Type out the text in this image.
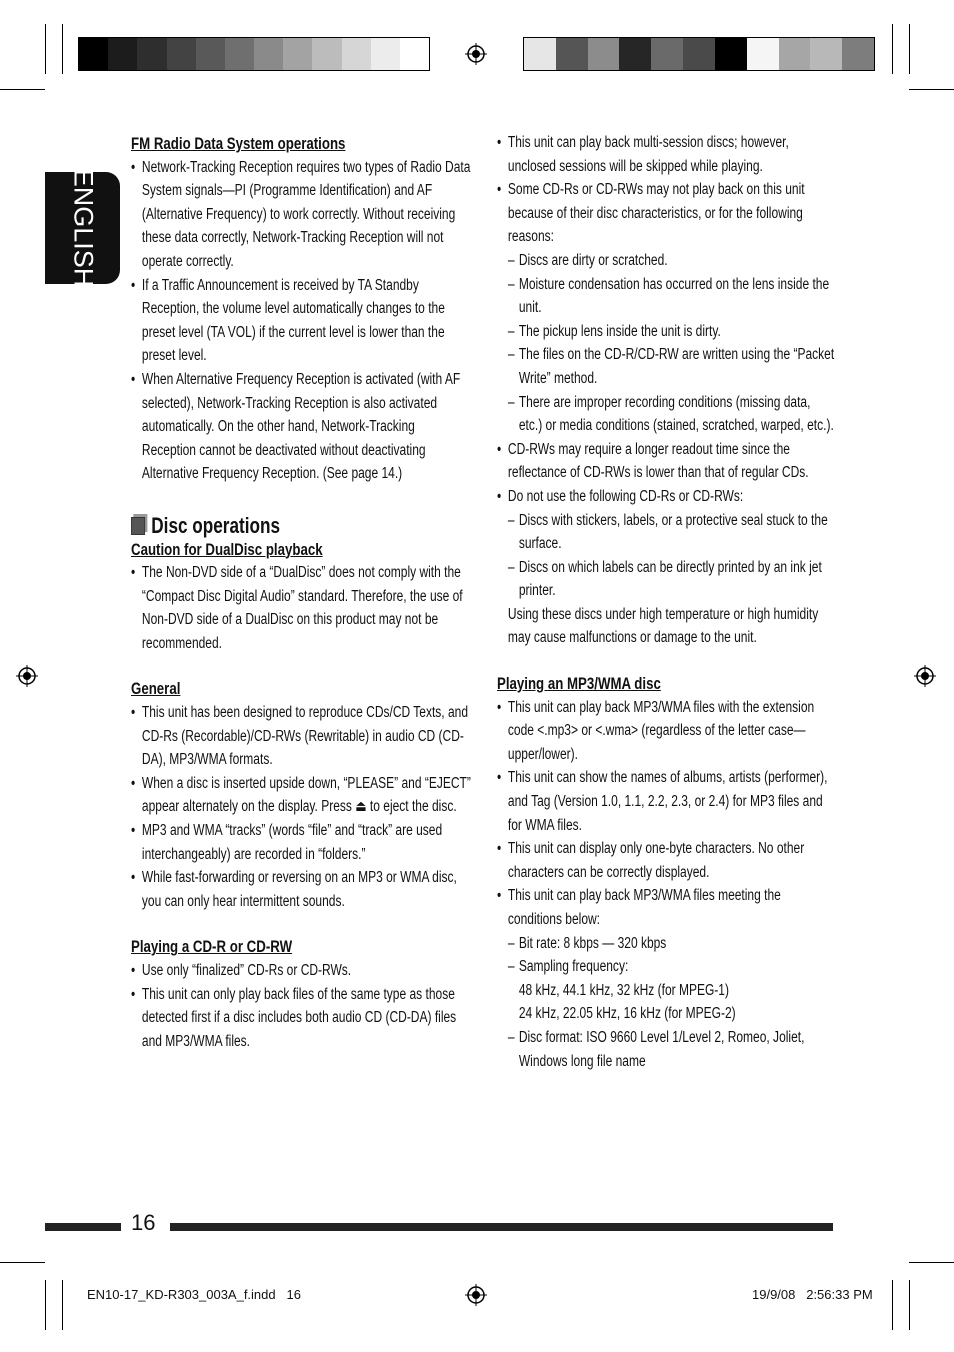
ENGLISH

FM Radio Data System operations

• Network-Tracking Reception requires two types of Radio Data System signals—PI (Programme Identification) and AF (Alternative Frequency) to work correctly. Without receiving these data correctly, Network-Tracking Reception will not operate correctly.
• If a Traffic Announcement is received by TA Standby Reception, the volume level automatically changes to the preset level (TA VOL) if the current level is lower than the preset level.
• When Alternative Frequency Reception is activated (with AF selected), Network-Tracking Reception is also activated automatically. On the other hand, Network-Tracking Reception cannot be deactivated without deactivating Alternative Frequency Reception. (See page 14.)

Disc operations

Caution for DualDisc playback

• The Non-DVD side of a “DualDisc” does not comply with the “Compact Disc Digital Audio” standard. Therefore, the use of Non-DVD side of a DualDisc on this product may not be recommended.

General

• This unit has been designed to reproduce CDs/CD Texts, and CD-Rs (Recordable)/CD-RWs (Rewritable) in audio CD (CD-DA), MP3/WMA formats.
• When a disc is inserted upside down, “PLEASE” and “EJECT” appear alternately on the display. Press ⏏ to eject the disc.
• MP3 and WMA “tracks” (words “file” and “track” are used interchangeably) are recorded in “folders.”
• While fast-forwarding or reversing on an MP3 or WMA disc, you can only hear intermittent sounds.

Playing a CD-R or CD-RW

• Use only “finalized” CD-Rs or CD-RWs.
• This unit can only play back files of the same type as those detected first if a disc includes both audio CD (CD-DA) files and MP3/WMA files.
• This unit can play back multi-session discs; however, unclosed sessions will be skipped while playing.
• Some CD-Rs or CD-RWs may not play back on this unit because of their disc characteristics, or for the following reasons:
– Discs are dirty or scratched.
– Moisture condensation has occurred on the lens inside the unit.
– The pickup lens inside the unit is dirty.
– The files on the CD-R/CD-RW are written using the “Packet Write” method.
– There are improper recording conditions (missing data, etc.) or media conditions (stained, scratched, warped, etc.).
• CD-RWs may require a longer readout time since the reflectance of CD-RWs is lower than that of regular CDs.
• Do not use the following CD-Rs or CD-RWs:
– Discs with stickers, labels, or a protective seal stuck to the surface.
– Discs on which labels can be directly printed by an ink jet printer.

Using these discs under high temperature or high humidity may cause malfunctions or damage to the unit.

Playing an MP3/WMA disc

• This unit can play back MP3/WMA files with the extension code <.mp3> or <.wma> (regardless of the letter case—upper/lower).
• This unit can show the names of albums, artists (performer), and Tag (Version 1.0, 1.1, 2.2, 2.3, or 2.4) for MP3 files and for WMA files.
• This unit can display only one-byte characters. No other characters can be correctly displayed.
• This unit can play back MP3/WMA files meeting the conditions below:
– Bit rate: 8 kbps — 320 kbps
– Sampling frequency:
48 kHz, 44.1 kHz, 32 kHz (for MPEG-1)
24 kHz, 22.05 kHz, 16 kHz (for MPEG-2)
– Disc format: ISO 9660 Level 1/Level 2, Romeo, Joliet, Windows long file name
16
EN10-17_KD-R303_003A_f.indd 16	19/9/08 2:56:33 PM
